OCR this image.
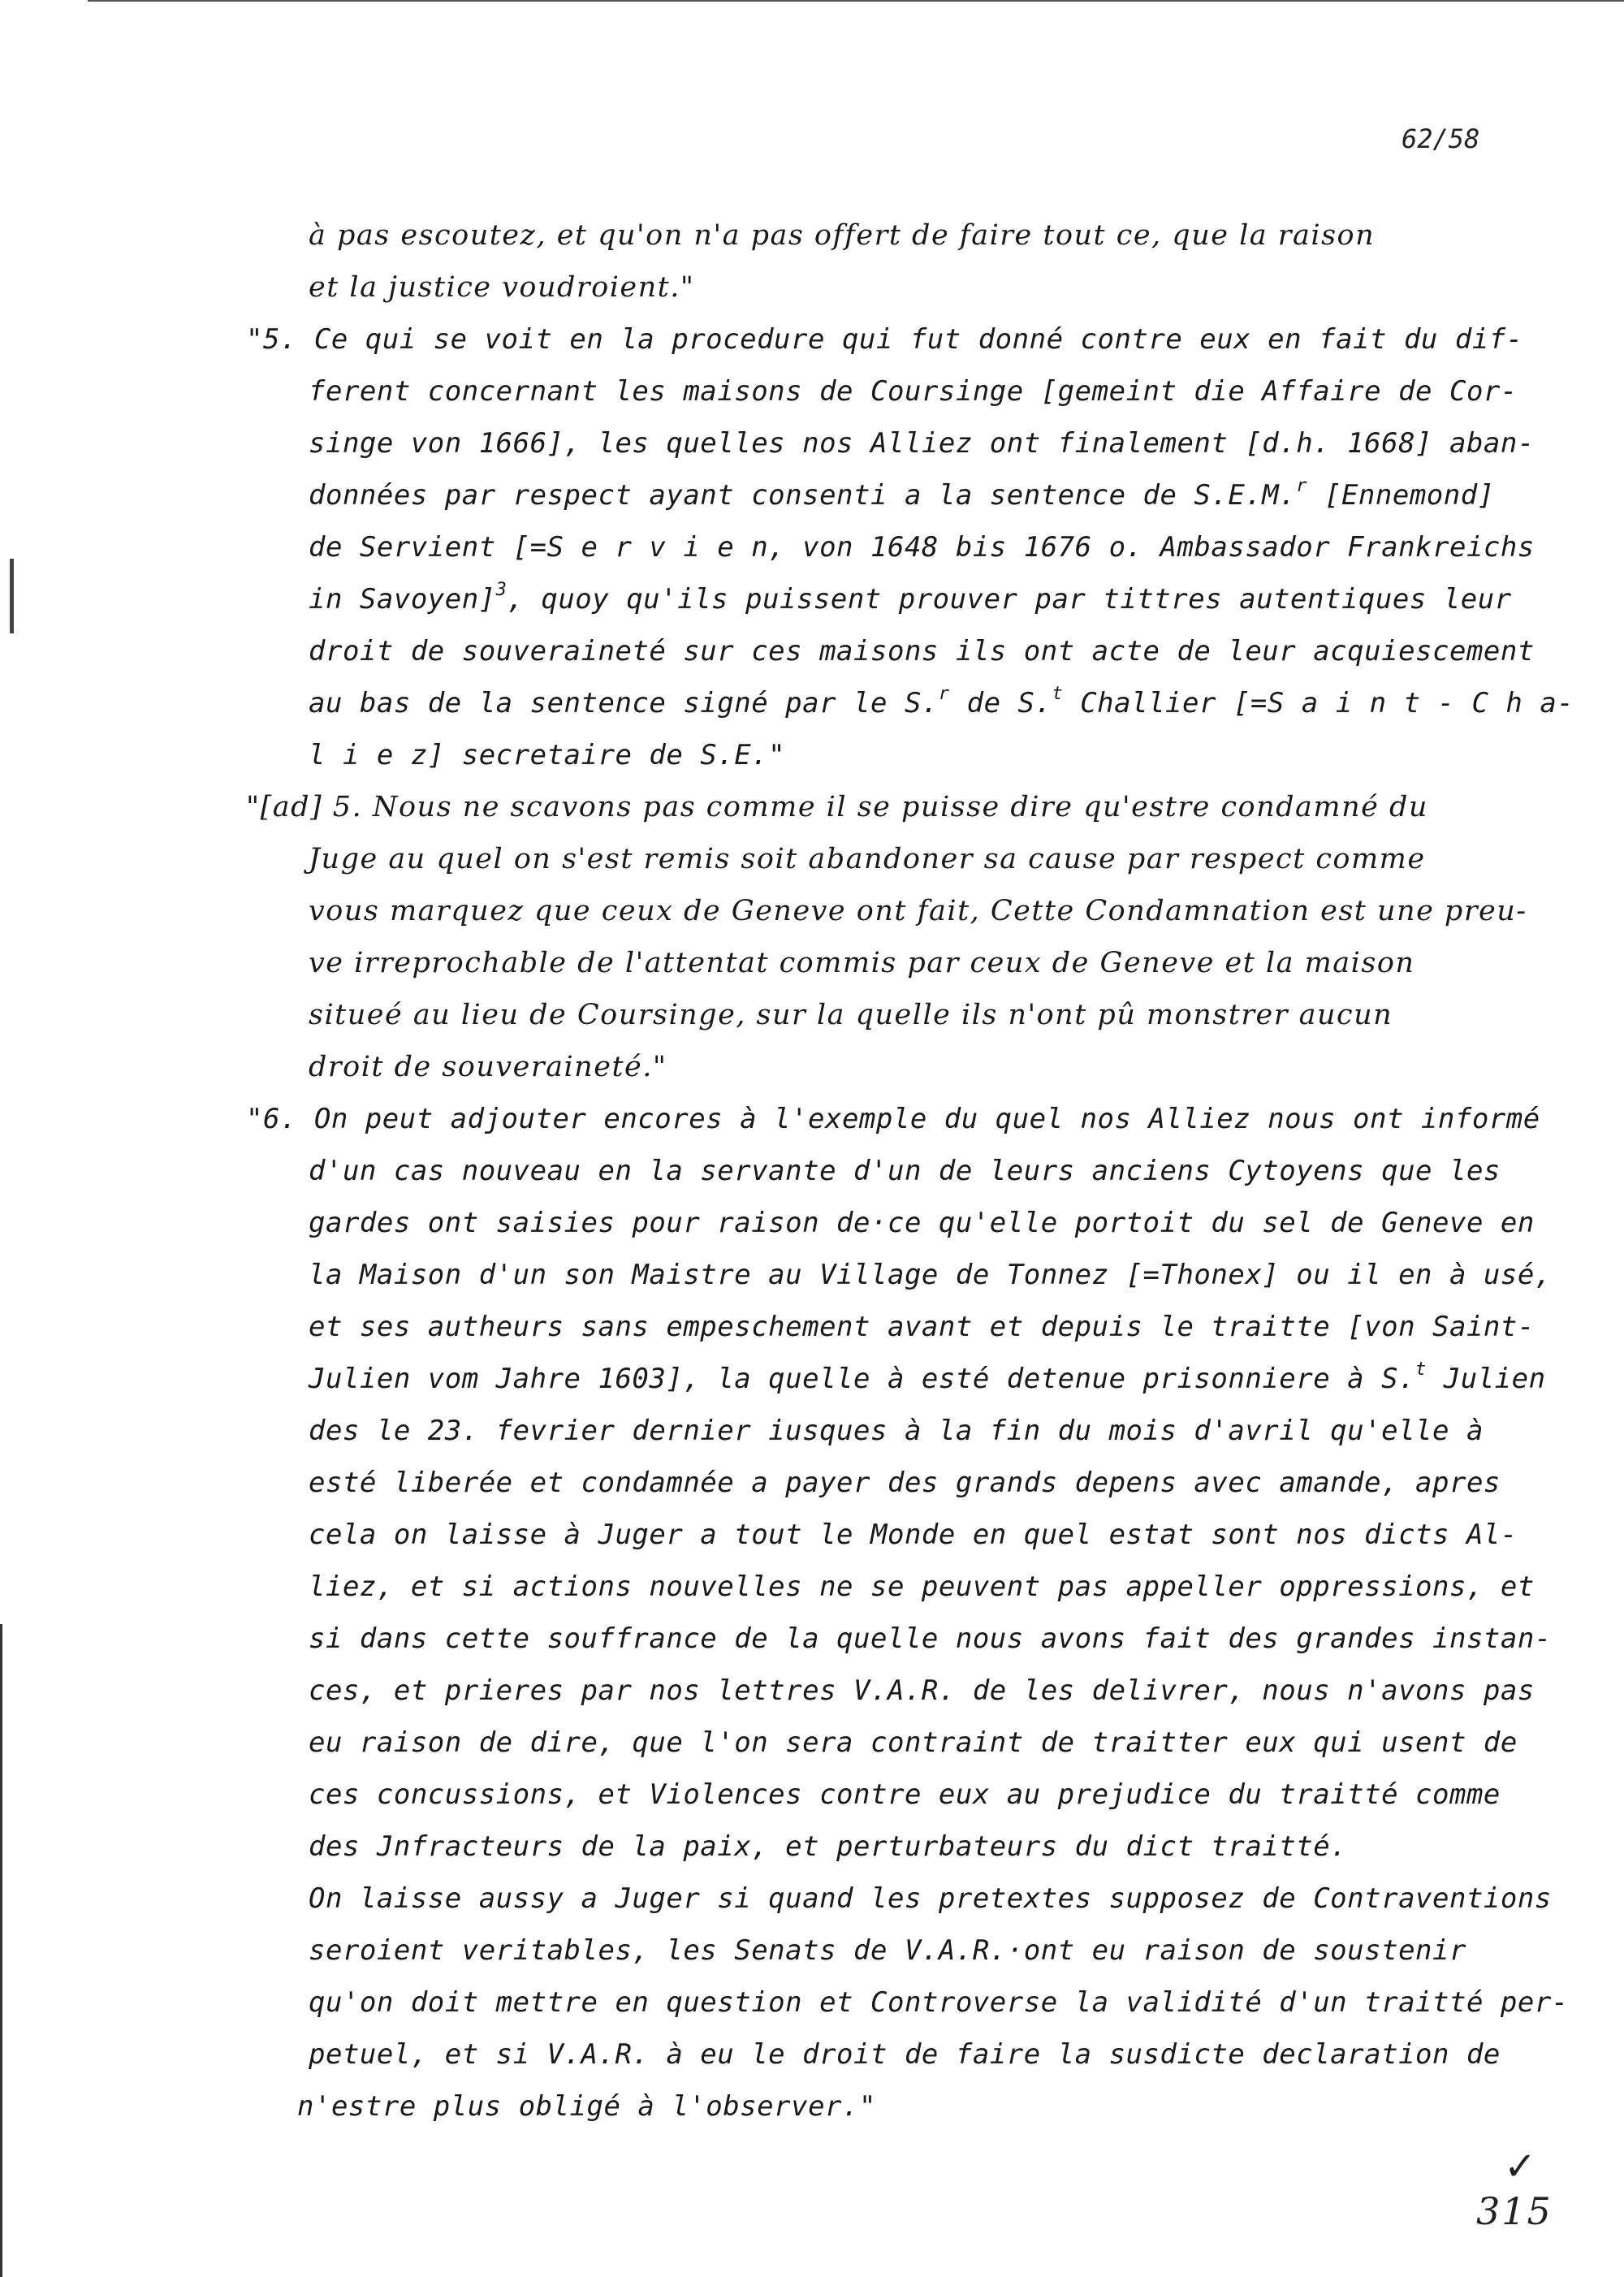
62/58
à pas escoutez, et qu'on n'a pas offert de faire tout ce, que la raison
et la justice voudroient."
"5. Ce qui se voit en la procedure qui fut donné contre eux en fait du dif-
ferent concernant les maisons de Coursinge [gemeint die Affaire de Cor-
singe von 1666], les quelles nos Alliez ont finalement [d.h. 1668] aban-
données par respect ayant consenti a la sentence de S.E.M.$^r$ [Ennemond]
de Servient [=S e r v i e n, von 1648 bis 1676 o. Ambassador Frankreichs
in Savoyen]$^3$, quoy qu'ils puissent prouver par tittres autentiques leur
droit de souveraineté sur ces maisons ils ont acte de leur acquiescement
au bas de la sentence signé par le S.$^r$ de S.$^t$ Challier [=S a i n t - C h a-
l i e z] secretaire de S.E."
"[ad] 5. Nous ne scavons pas comme il se puisse dire qu'estre condamné du
Juge au quel on s'est remis soit abandoner sa cause par respect comme
vous marquez que ceux de Geneve ont fait, Cette Condamnation est une preu-
ve irreprochable de l'attentat commis par ceux de Geneve et la maison
situeé au lieu de Coursinge, sur la quelle ils n'ont pû monstrer aucun
droit de souveraineté."
"6. On peut adjouter encores à l'exemple du quel nos Alliez nous ont informé
d'un cas nouveau en la servante d'un de leurs anciens Cytoyens que les
gardes ont saisies pour raison de·ce qu'elle portoit du sel de Geneve en
la Maison d'un son Maistre au Village de Tonnez [=Thonex] ou il en à usé,
et ses autheurs sans empeschement avant et depuis le traitte [von Saint-
Julien vom Jahre 1603], la quelle à esté detenue prisonniere à S.$^t$ Julien
des le 23. fevrier dernier iusques à la fin du mois d'avril qu'elle à
esté liberée et condamnée a payer des grands depens avec amande, apres
cela on laisse à Juger a tout le Monde en quel estat sont nos dicts Al-
liez, et si actions nouvelles ne se peuvent pas appeller oppressions, et
si dans cette souffrance de la quelle nous avons fait des grandes instan-
ces, et prieres par nos lettres V.A.R. de les delivrer, nous n'avons pas
eu raison de dire, que l'on sera contraint de traitter eux qui usent de
ces concussions, et Violences contre eux au prejudice du traitté comme
des Jnfracteurs de la paix, et perturbateurs du dict traitté.
On laisse aussy a Juger si quand les pretextes supposez de Contraventions
seroient veritables, les Senats de V.A.R.·ont eu raison de soustenir
qu'on doit mettre en question et Controverse la validité d'un traitté per-
petuel, et si V.A.R. à eu le droit de faire la susdicte declaration de
n'estre plus obligé à l'observer."
✓
315
